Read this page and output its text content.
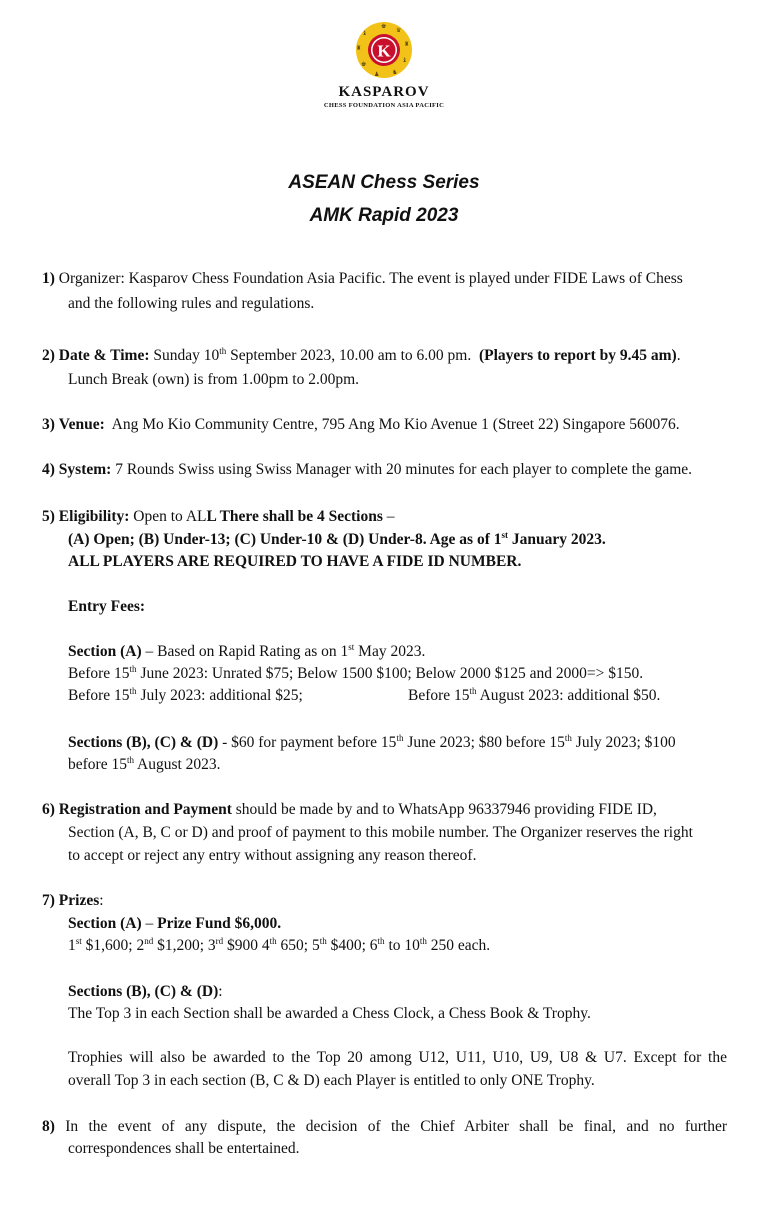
♚
♛
♜
♝
♞
♟
♚
♜
♝
K
KASPAROV
CHESS FOUNDATION ASIA PACIFIC
ASEAN Chess Series
AMK Rapid 2023
1) Organizer: Kasparov Chess Foundation Asia Pacific. The event is played under FIDE Laws of Chess
and the following rules and regulations.
2) Date & Time: Sunday 10th September 2023, 10.00 am to 6.00 pm.  (Players to report by 9.45 am).
Lunch Break (own) is from 1.00pm to 2.00pm.
3) Venue:  Ang Mo Kio Community Centre, 795 Ang Mo Kio Avenue 1 (Street 22) Singapore 560076.
4) System: 7 Rounds Swiss using Swiss Manager with 20 minutes for each player to complete the game.
5) Eligibility: Open to ALL There shall be 4 Sections –
(A) Open; (B) Under-13; (C) Under-10 & (D) Under-8. Age as of 1st January 2023.
ALL PLAYERS ARE REQUIRED TO HAVE A FIDE ID NUMBER.
Entry Fees:
Section (A) – Based on Rapid Rating as on 1st May 2023.
Before 15th June 2023: Unrated $75; Below 1500 $100; Below 2000 $125 and 2000=> $150.
Before 15th July 2023: additional $25;	Before 15th August 2023: additional $50.
Sections (B), (C) & (D) - $60 for payment before 15th June 2023; $80 before 15th July 2023; $100
before 15th August 2023.
6) Registration and Payment should be made by and to WhatsApp 96337946 providing FIDE ID,
Section (A, B, C or D) and proof of payment to this mobile number. The Organizer reserves the right
to accept or reject any entry without assigning any reason thereof.
7) Prizes:
Section (A) – Prize Fund $6,000.
1st $1,600; 2nd $1,200; 3rd $900 4th 650; 5th $400; 6th to 10th 250 each.
Sections (B), (C) & (D):
The Top 3 in each Section shall be awarded a Chess Clock, a Chess Book & Trophy.
Trophies will also be awarded to the Top 20 among U12, U11, U10, U9, U8 & U7. Except for the
overall Top 3 in each section (B, C & D) each Player is entitled to only ONE Trophy.
8) In the event of any dispute, the decision of the Chief Arbiter shall be final, and no further
correspondences shall be entertained.
